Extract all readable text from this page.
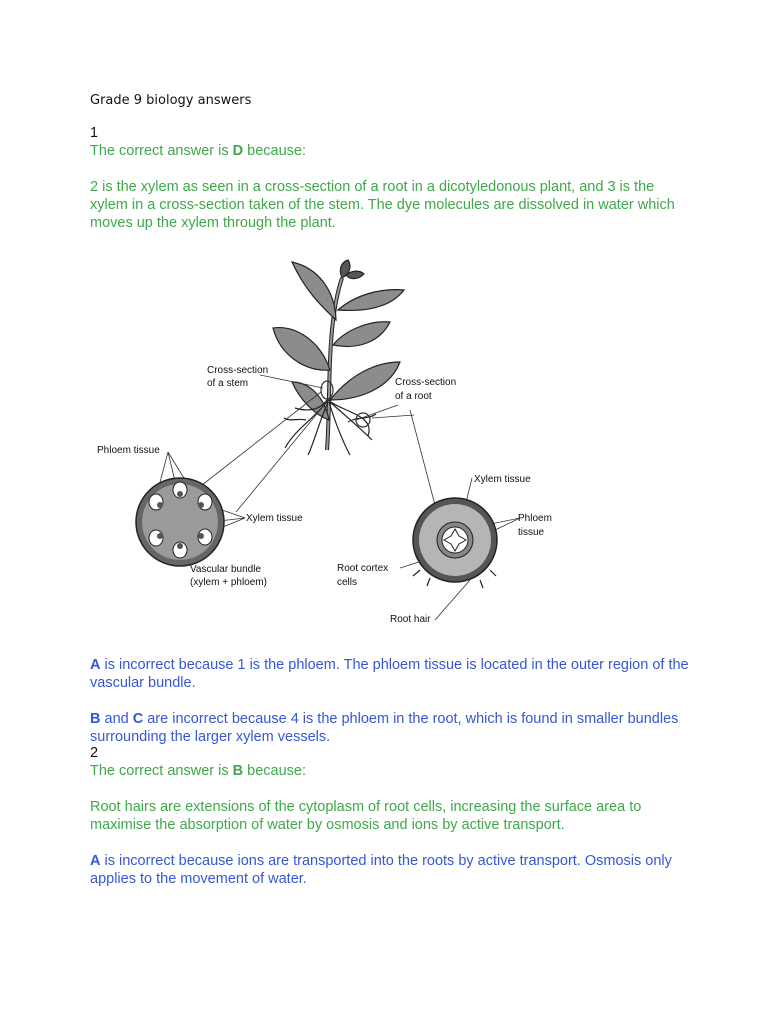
Grade 9 biology answers
1
The correct answer is D because:
2 is the xylem as seen in a cross-section of a root in a dicotyledonous plant, and 3 is the xylem in a cross-section taken of the stem. The dye molecules are dissolved in water which moves up the xylem through the plant.
Cross-section
of a stem	Cross-section
of a root
Phloem tissue
Xylem tissue
Vascular bundle
(xylem + phloem)
Xylem tissue
Phloem
tissue
Root cortex
cells
Root hair
A is incorrect because 1 is the phloem. The phloem tissue is located in the outer region of the vascular bundle.
B and C are incorrect because 4 is the phloem in the root, which is found in smaller bundles surrounding the larger xylem vessels.
2
The correct answer is B because:
Root hairs are extensions of the cytoplasm of root cells, increasing the surface area to maximise the absorption of water by osmosis and ions by active transport.
A is incorrect because ions are transported into the roots by active transport. Osmosis only applies to the movement of water.
